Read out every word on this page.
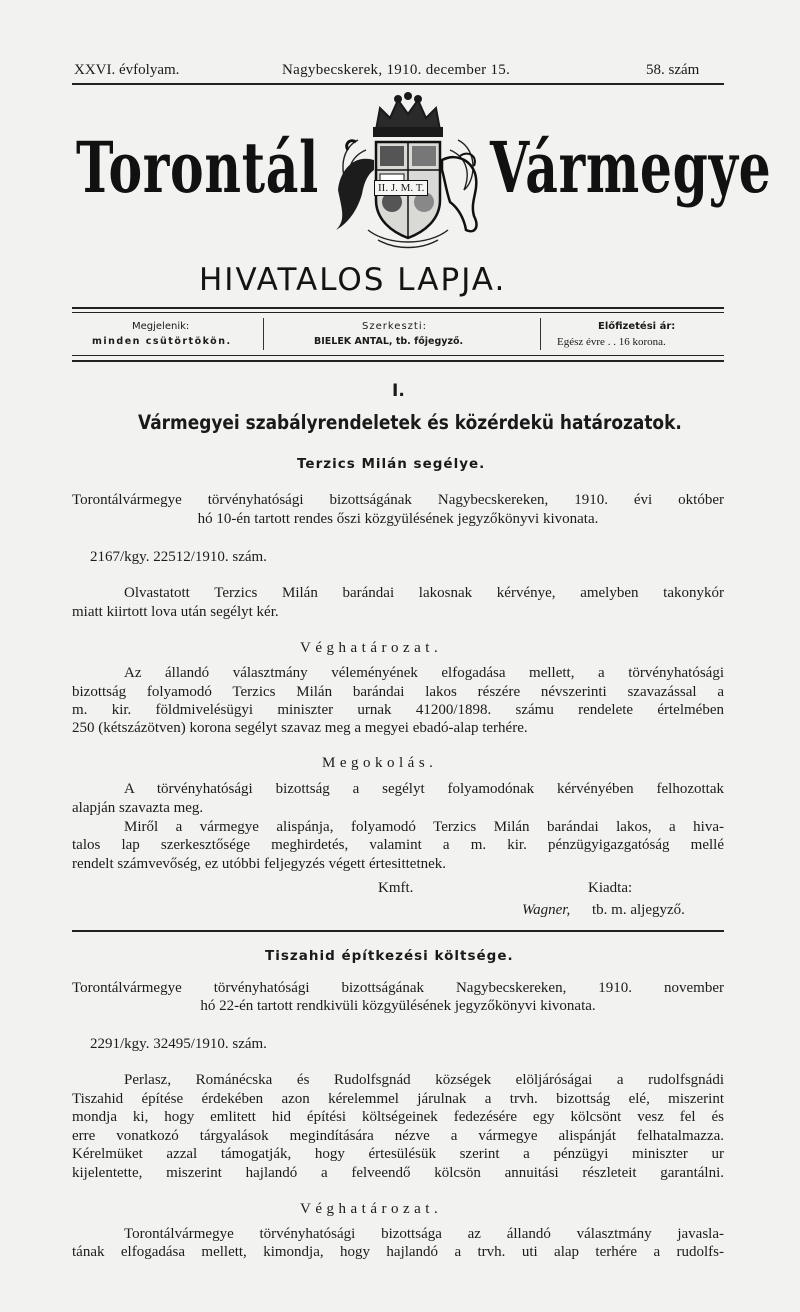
XXVI. évfolyam.	Nagybecskerek, 1910. december 15.	58. szám
Torontál Vármegye
II. J. M. T.
HIVATALOS LAPJA.
Megjelenik:
minden csütörtökön.
Szerkeszti:
BIELEK ANTAL, tb. főjegyző.
Előfizetési ár:
Egész évre . . 16 korona.
I.
Vármegyei szabályrendeletek és közérdekü határozatok.
Terzics Milán segélye.
Torontálvármegye törvényhatósági bizottságának Nagybecskereken, 1910. évi október
hó 10-én tartott rendes őszi közgyülésének jegyzőkönyvi kivonata.
2167/kgy. 22512/1910. szám.
Olvastatott Terzics Milán barándai lakosnak kérvénye, amelyben takonykór
miatt kiirtott lova után segélyt kér.
Véghatározat.
Az állandó választmány véleményének elfogadása mellett, a törvényhatósági
bizottság folyamodó Terzics Milán barándai lakos részére névszerinti szavazással a
m. kir. földmivelésügyi miniszter urnak 41200/1898. számu rendelete értelmében
250 (kétszázötven) korona segélyt szavaz meg a megyei ebadó-alap terhére.
Megokolás.
A törvényhatósági bizottság a segélyt folyamodónak kérvényében felhozottak
alapján szavazta meg.
Miről a vármegye alispánja, folyamodó Terzics Milán barándai lakos, a hiva-
talos lap szerkesztősége meghirdetés, valamint a m. kir. pénzügyigazgatóság mellé
rendelt számvevőség, ez utóbbi feljegyzés végett értesittetnek.
Kmft.	Kiadta:
Wagner, tb. m. aljegyző.
Tiszahid építkezési költsége.
Torontálvármegye törvényhatósági bizottságának Nagybecskereken, 1910. november
hó 22-én tartott rendkivüli közgyülésének jegyzőkönyvi kivonata.
2291/kgy. 32495/1910. szám.
Perlasz, Románécska és Rudolfsgnád községek elöljáróságai a rudolfsgnádi
Tiszahid építése érdekében azon kérelemmel járulnak a trvh. bizottság elé, miszerint
mondja ki, hogy emlitett hid építési költségeinek fedezésére egy kölcsönt vesz fel és
erre vonatkozó tárgyalások megindítására nézve a vármegye alispánját felhatalmazza.
Kérelmüket azzal támogatják, hogy értesülésük szerint a pénzügyi miniszter ur
kijelentette, miszerint hajlandó a felveendő kölcsön annuitási részleteit garantálni.
Véghatározat.
Torontálvármegye törvényhatósági bizottsága az állandó választmány javasla-
tának elfogadása mellett, kimondja, hogy hajlandó a trvh. uti alap terhére a rudolfs-
